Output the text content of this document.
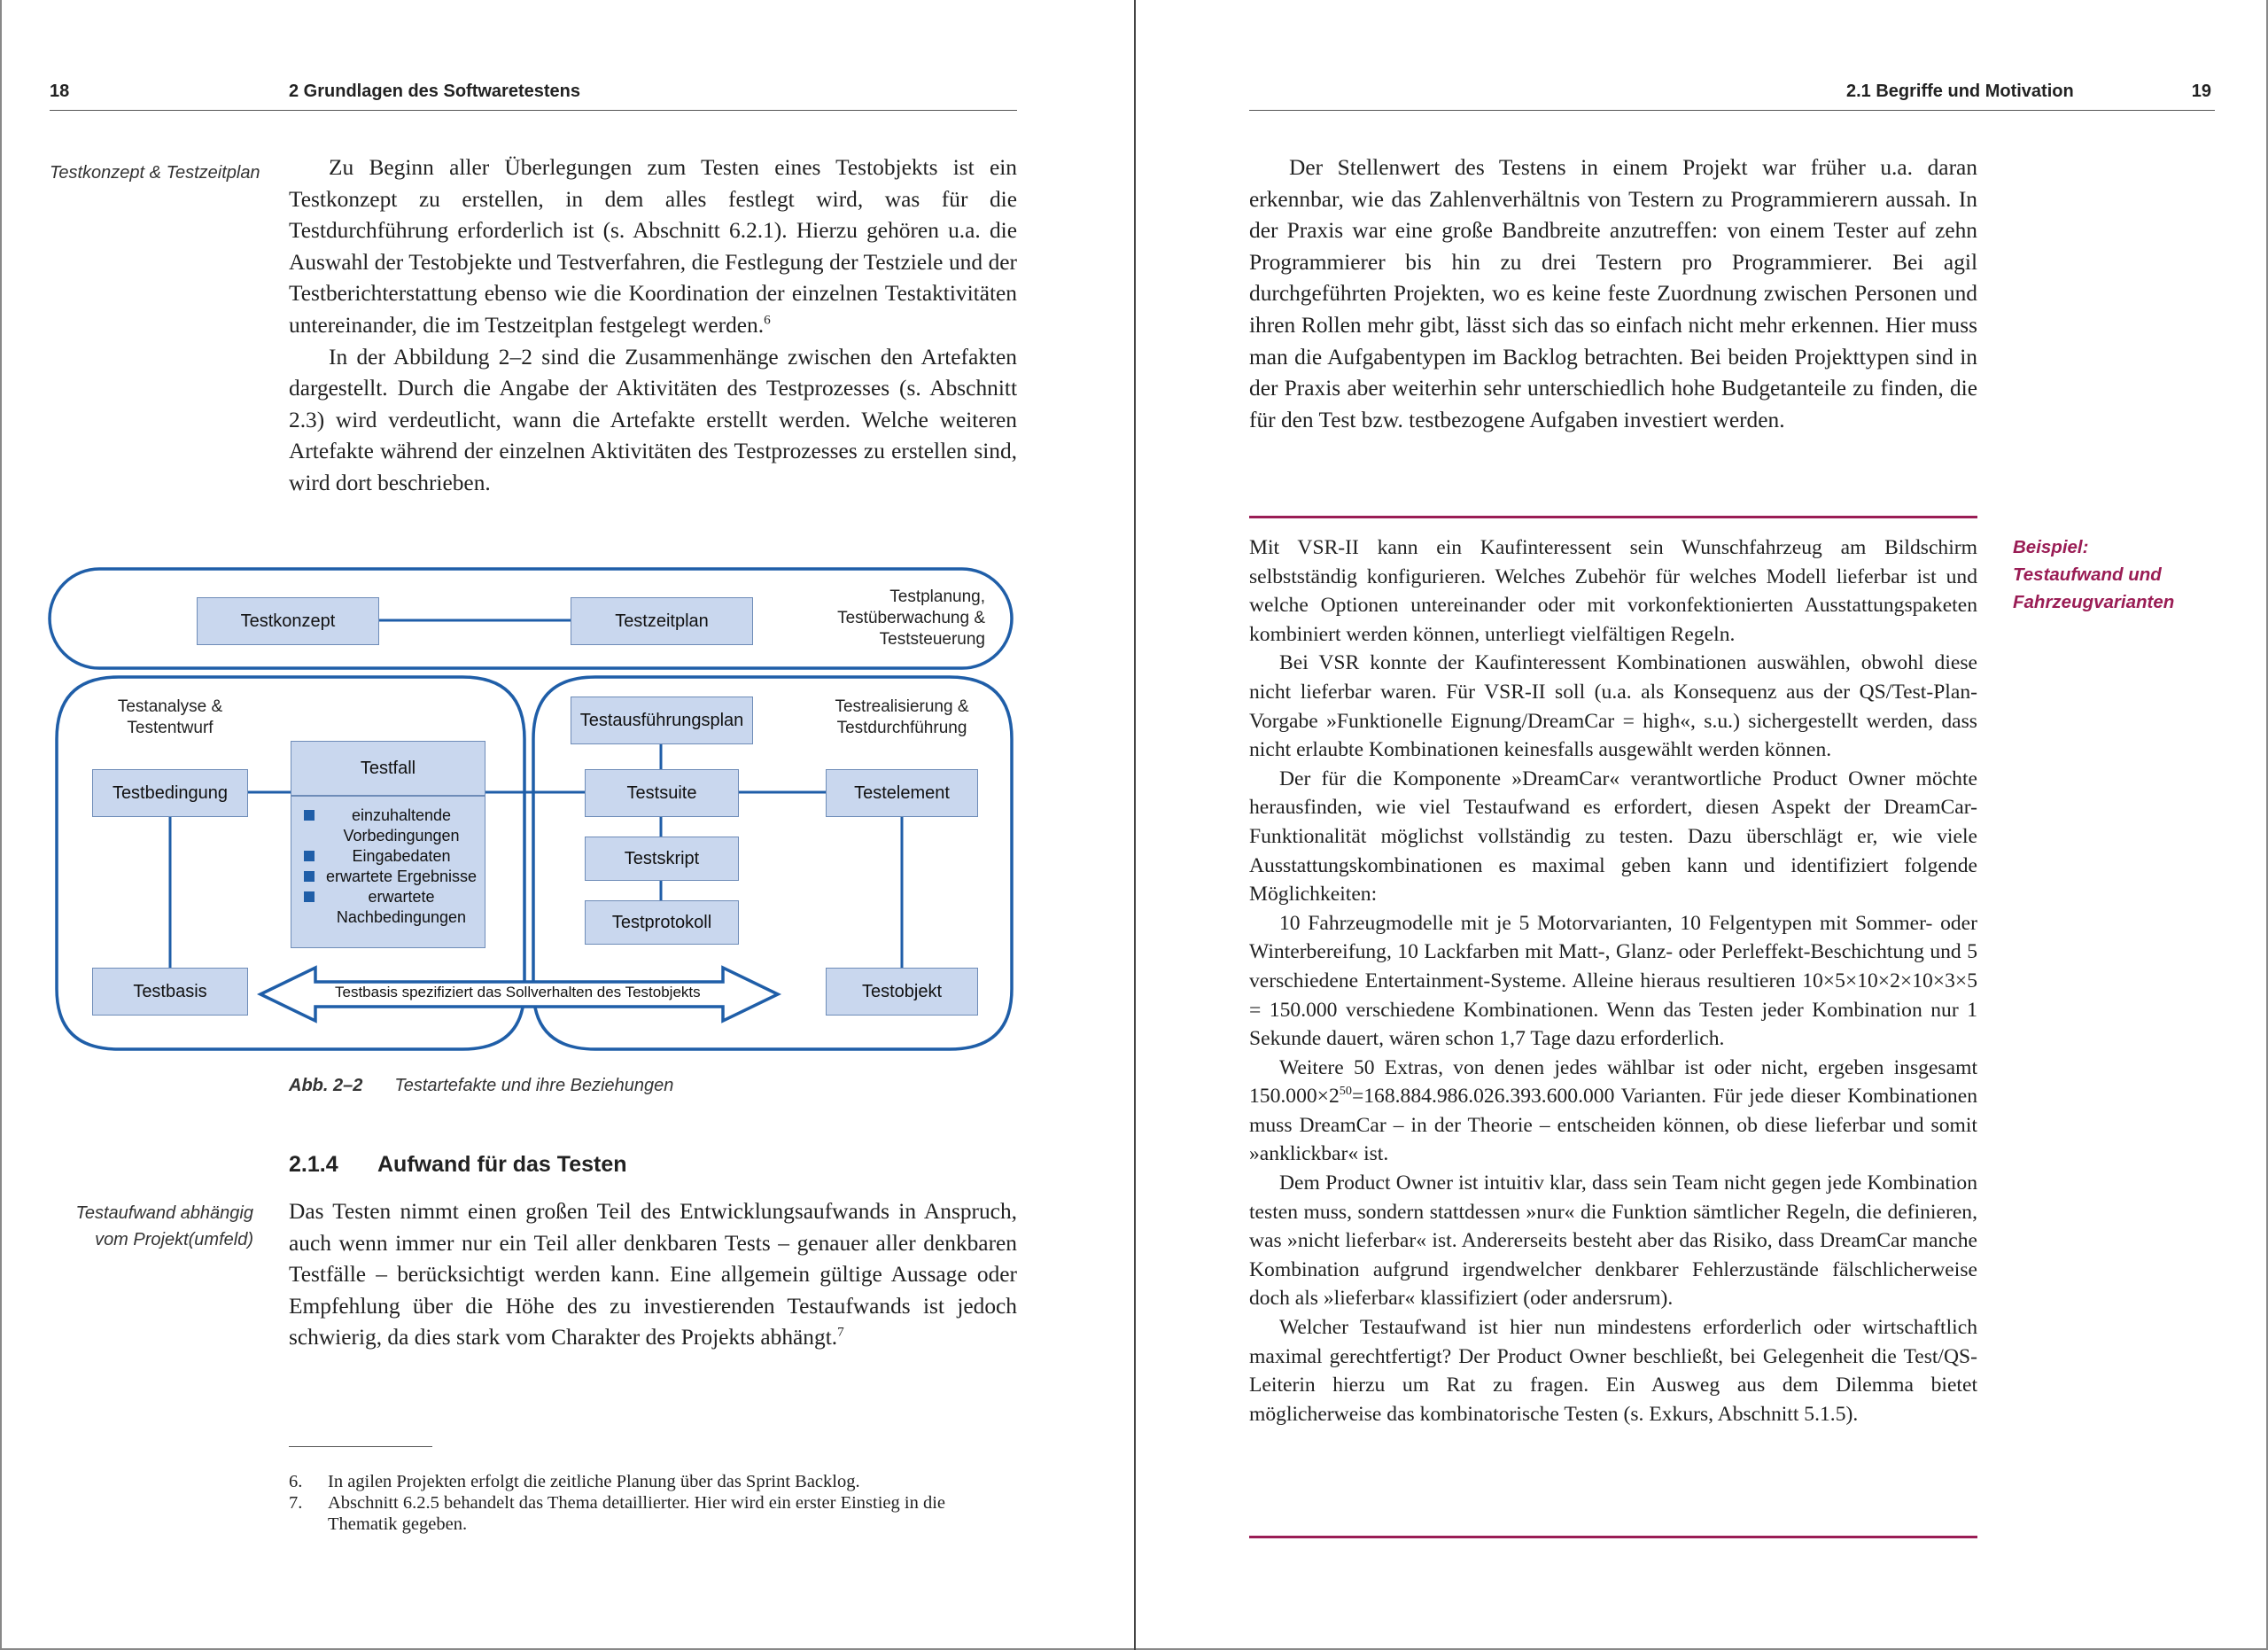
18	2 Grundlagen des Softwaretestens
Testkonzept & Testzeitplan	Zu Beginn aller Überlegungen zum Testen eines Testobjekts ist ein Testkonzept zu erstellen, in dem alles festlegt wird, was für die Testdurchführung erforderlich ist (s. Abschnitt 6.2.1). Hierzu gehören u.a. die Auswahl der Testobjekte und Testverfahren, die Festlegung der Testziele und der Testberichterstattung ebenso wie die Koordination der einzelnen Testaktivitäten untereinander, die im Testzeitplan festgelegt werden.$^6$

In der Abbildung 2–2 sind die Zusammenhänge zwischen den Artefakten dargestellt. Durch die Angabe der Aktivitäten des Testprozesses (s. Abschnitt 2.3) wird verdeutlicht, wann die Artefakte erstellt werden. Welche weiteren Artefakte während der einzelnen Aktivitäten des Testprozesses zu erstellen sind, wird dort beschrieben.

Testkonzept	Testzeitplan
Testplanung,
Testüberwachung &
Teststeuerung
Testanalyse &
Testentwurf
Testbedingung
Testfall
einzuhaltende Vorbedingungen
Eingabedaten
erwartete Ergebnisse
erwartete Nachbedingungen
Testbasis
Testausführungsplan
Testrealisierung &
Testdurchführung
Testsuite	Testelement
Testskript
Testprotokoll
Testobjekt
Testbasis spezifiziert das Sollverhalten des Testobjekts
Abb. 2–2 Testartefakte und ihre Beziehungen
2.1.4 Aufwand für das Testen
Testaufwand abhängig
vom Projekt(umfeld)

Das Testen nimmt einen großen Teil des Entwicklungsaufwands in Anspruch, auch wenn immer nur ein Teil aller denkbaren Tests – genauer aller denkbaren Testfälle – berücksichtigt werden kann. Eine allgemein gültige Aussage oder Empfehlung über die Höhe des zu investierenden Testaufwands ist jedoch schwierig, da dies stark vom Charakter des Projekts abhängt.$^7$

6. In agilen Projekten erfolgt die zeitliche Planung über das Sprint Backlog.
7. Abschnitt 6.2.5 behandelt das Thema detaillierter. Hier wird ein erster Einstieg in die Thematik gegeben.
2.1 Begriffe und Motivation	19

Der Stellenwert des Testens in einem Projekt war früher u.a. daran erkennbar, wie das Zahlenverhältnis von Testern zu Programmierern aussah. In der Praxis war eine große Bandbreite anzutreffen: von einem Tester auf zehn Programmierer bis hin zu drei Testern pro Programmierer. Bei agil durchgeführten Projekten, wo es keine feste Zuordnung zwischen Personen und ihren Rollen mehr gibt, lässt sich das so einfach nicht mehr erkennen. Hier muss man die Aufgabentypen im Backlog betrachten. Bei beiden Projekttypen sind in der Praxis aber weiterhin sehr unterschiedlich hohe Budgetanteile zu finden, die für den Test bzw. testbezogene Aufgaben investiert werden.

Beispiel:
Testaufwand und
Fahrzeugvarianten

Mit VSR-II kann ein Kaufinteressent sein Wunschfahrzeug am Bildschirm selbstständig konfigurieren. Welches Zubehör für welches Modell lieferbar ist und welche Optionen untereinander oder mit vorkonfektionierten Ausstattungspaketen kombiniert werden können, unterliegt vielfältigen Regeln.

Bei VSR konnte der Kaufinteressent Kombinationen auswählen, obwohl diese nicht lieferbar waren. Für VSR-II soll (u.a. als Konsequenz aus der QS/Test-Plan-Vorgabe »Funktionelle Eignung/DreamCar = high«, s.u.) sichergestellt werden, dass nicht erlaubte Kombinationen keinesfalls ausgewählt werden können.

Der für die Komponente »DreamCar« verantwortliche Product Owner möchte herausfinden, wie viel Testaufwand es erfordert, diesen Aspekt der DreamCar-Funktionalität möglichst vollständig zu testen. Dazu überschlägt er, wie viele Ausstattungskombinationen es maximal geben kann und identifiziert folgende Möglichkeiten:

10 Fahrzeugmodelle mit je 5 Motorvarianten, 10 Felgentypen mit Sommer- oder Winterbereifung, 10 Lackfarben mit Matt-, Glanz- oder Perleffekt-Beschichtung und 5 verschiedene Entertainment-Systeme. Alleine hieraus resultieren 10×5×10×2×10×3×5 = 150.000 verschiedene Kombinationen. Wenn das Testen jeder Kombination nur 1 Sekunde dauert, wären schon 1,7 Tage dazu erforderlich.

Weitere 50 Extras, von denen jedes wählbar ist oder nicht, ergeben insgesamt $150.000\times 2^{50}=168.884.986.026.393.600.000$ Varianten. Für jede dieser Kombinationen muss DreamCar – in der Theorie – entscheiden können, ob diese lieferbar und somit »anklickbar« ist.

Dem Product Owner ist intuitiv klar, dass sein Team nicht gegen jede Kombination testen muss, sondern stattdessen »nur« die Funktion sämtlicher Regeln, die definieren, was »nicht lieferbar« ist. Andererseits besteht aber das Risiko, dass DreamCar manche Kombination aufgrund irgendwelcher denkbarer Fehlerzustände fälschlicherweise doch als »lieferbar« klassifiziert (oder andersrum).

Welcher Testaufwand ist hier nun mindestens erforderlich oder wirtschaftlich maximal gerechtfertigt? Der Product Owner beschließt, bei Gelegenheit die Test/QS-Leiterin hierzu um Rat zu fragen. Ein Ausweg aus dem Dilemma bietet möglicherweise das kombinatorische Testen (s. Exkurs, Abschnitt 5.1.5).
